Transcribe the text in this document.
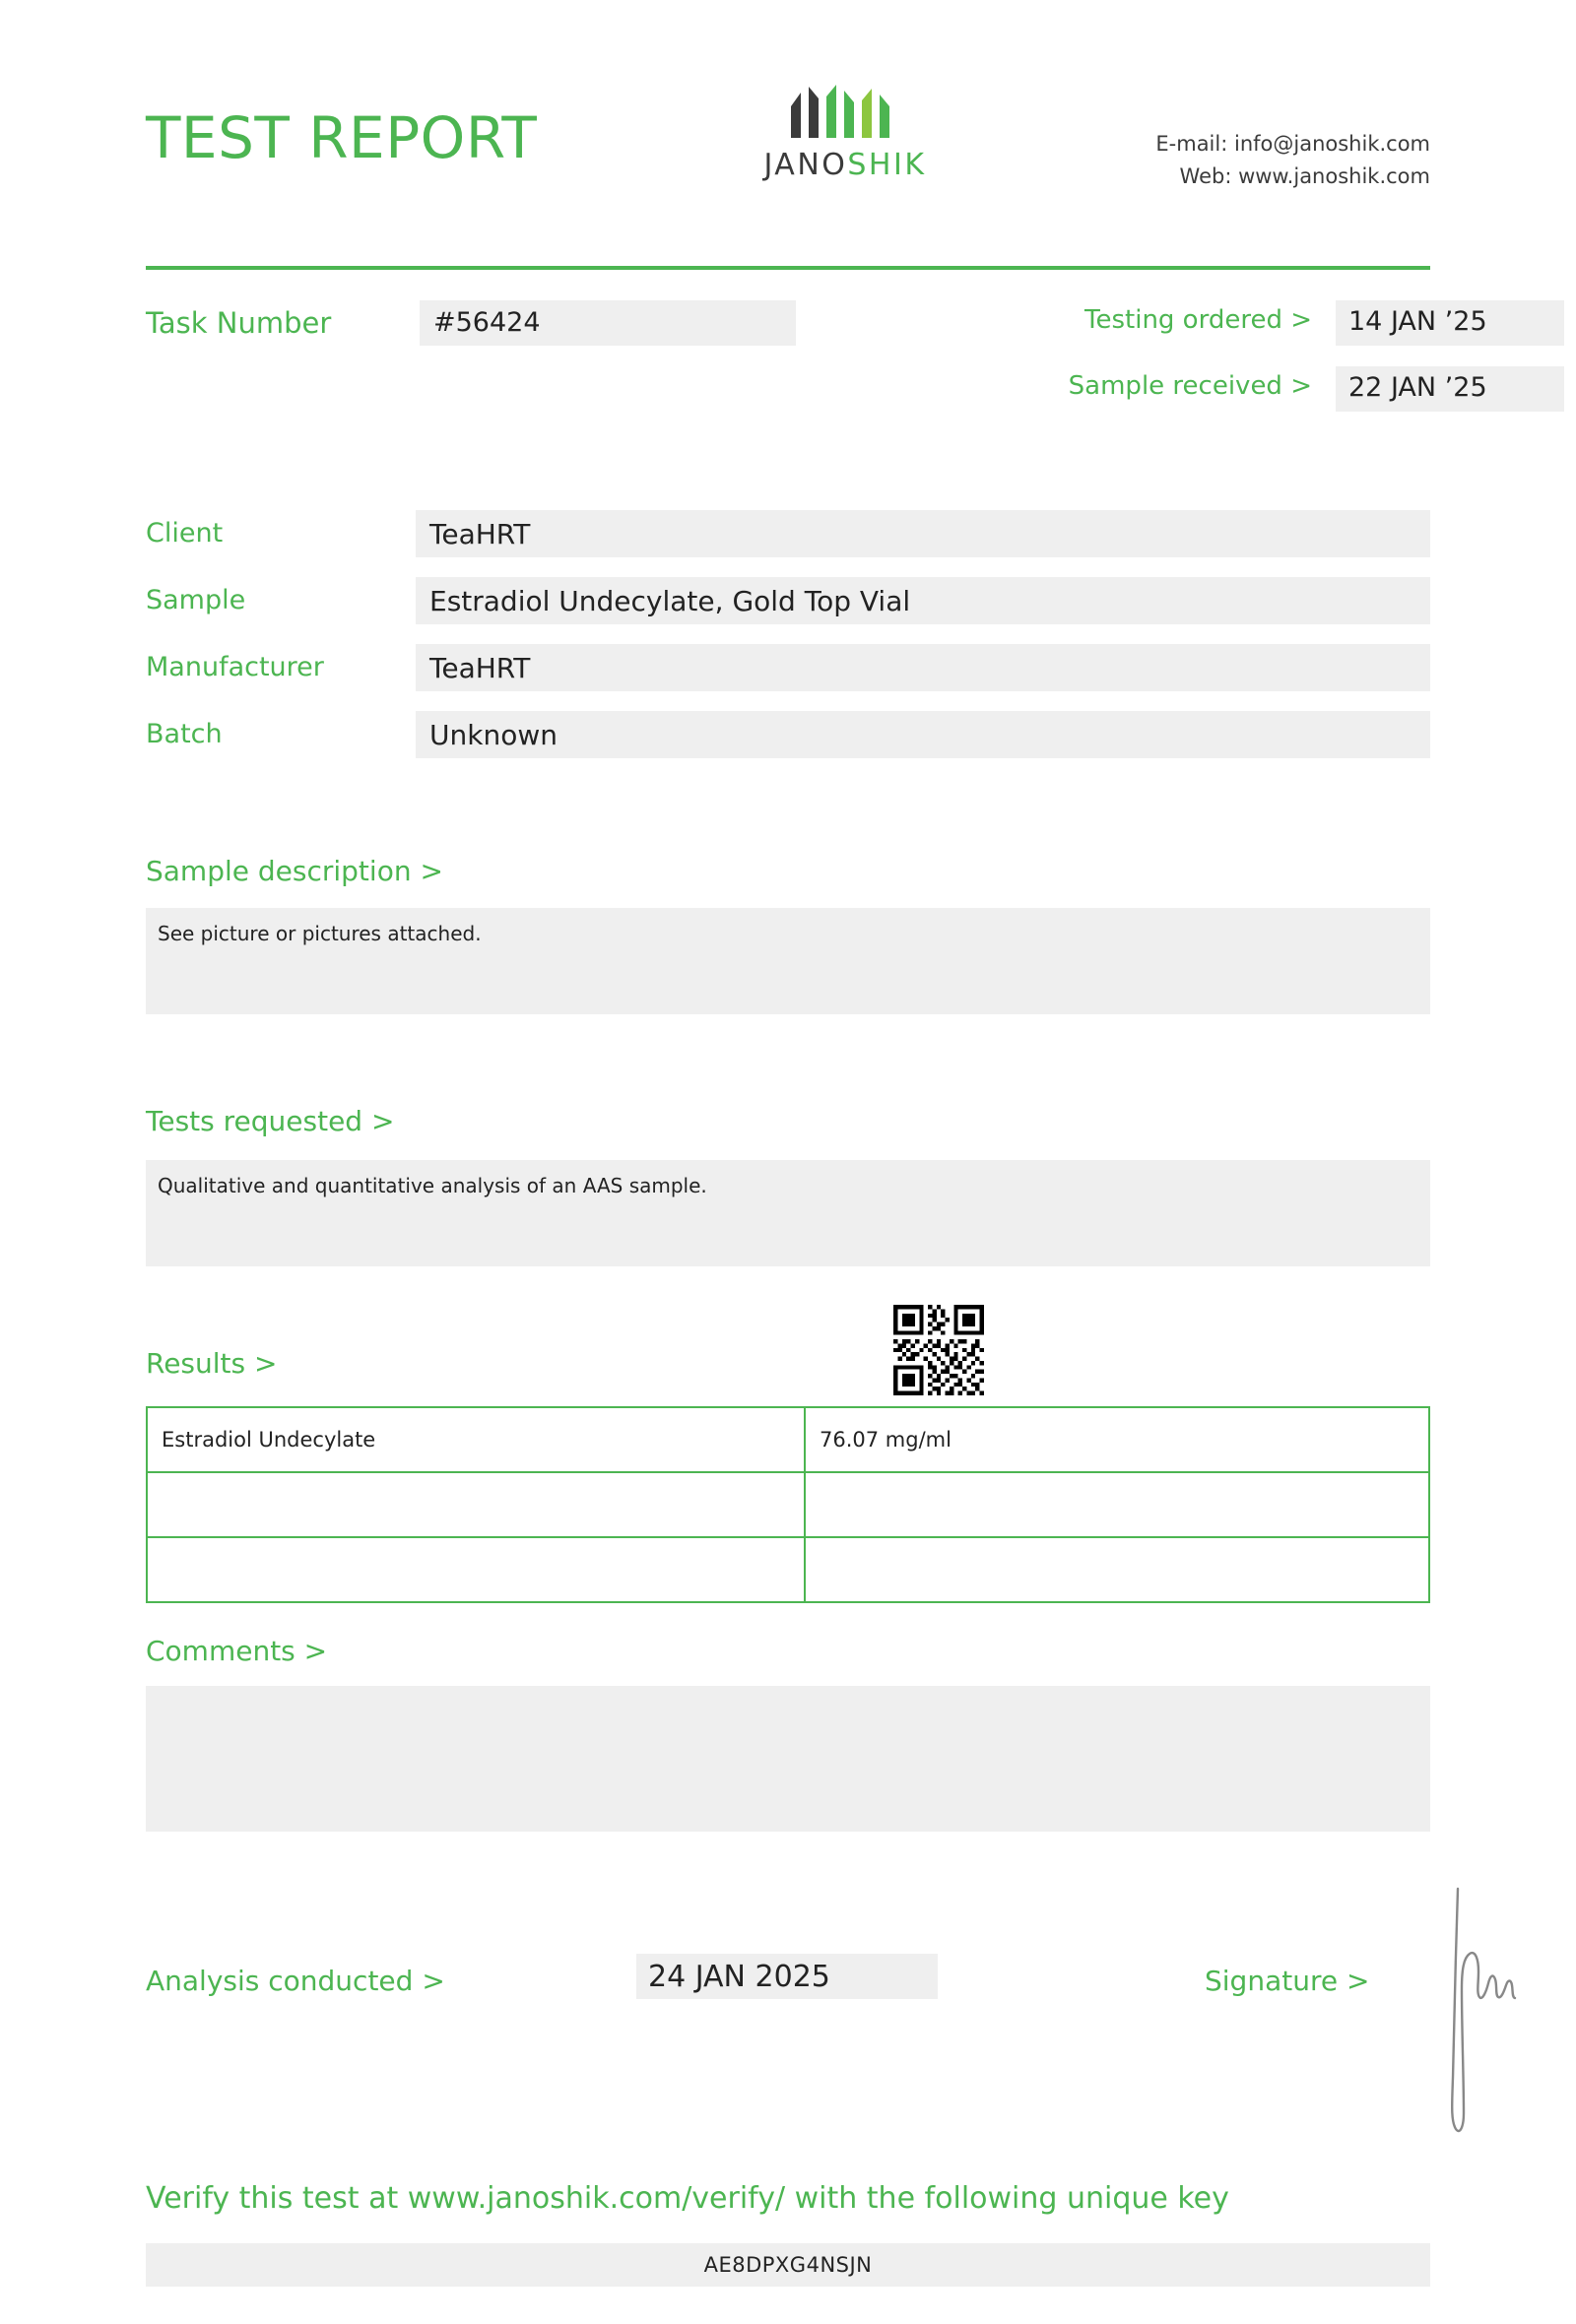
TEST REPORT	JANOSHIK
E-mail: info@janoshik.com
Web: www.janoshik.com
Task Number	#56424	Testing ordered >	14 JAN ’25
Sample received >	22 JAN ’25
Client	TeaHRT
Sample	Estradiol Undecylate, Gold Top Vial
Manufacturer	TeaHRT
Batch	Unknown
Sample description >
See picture or pictures attached.
Tests requested >
Qualitative and quantitative analysis of an AAS sample.
Results >
Estradiol Undecylate	76.07 mg/ml

Comments >
Analysis conducted >	24 JAN 2025	Signature >
Verify this test at www.janoshik.com/verify/ with the following unique key
AE8DPXG4NSJN
